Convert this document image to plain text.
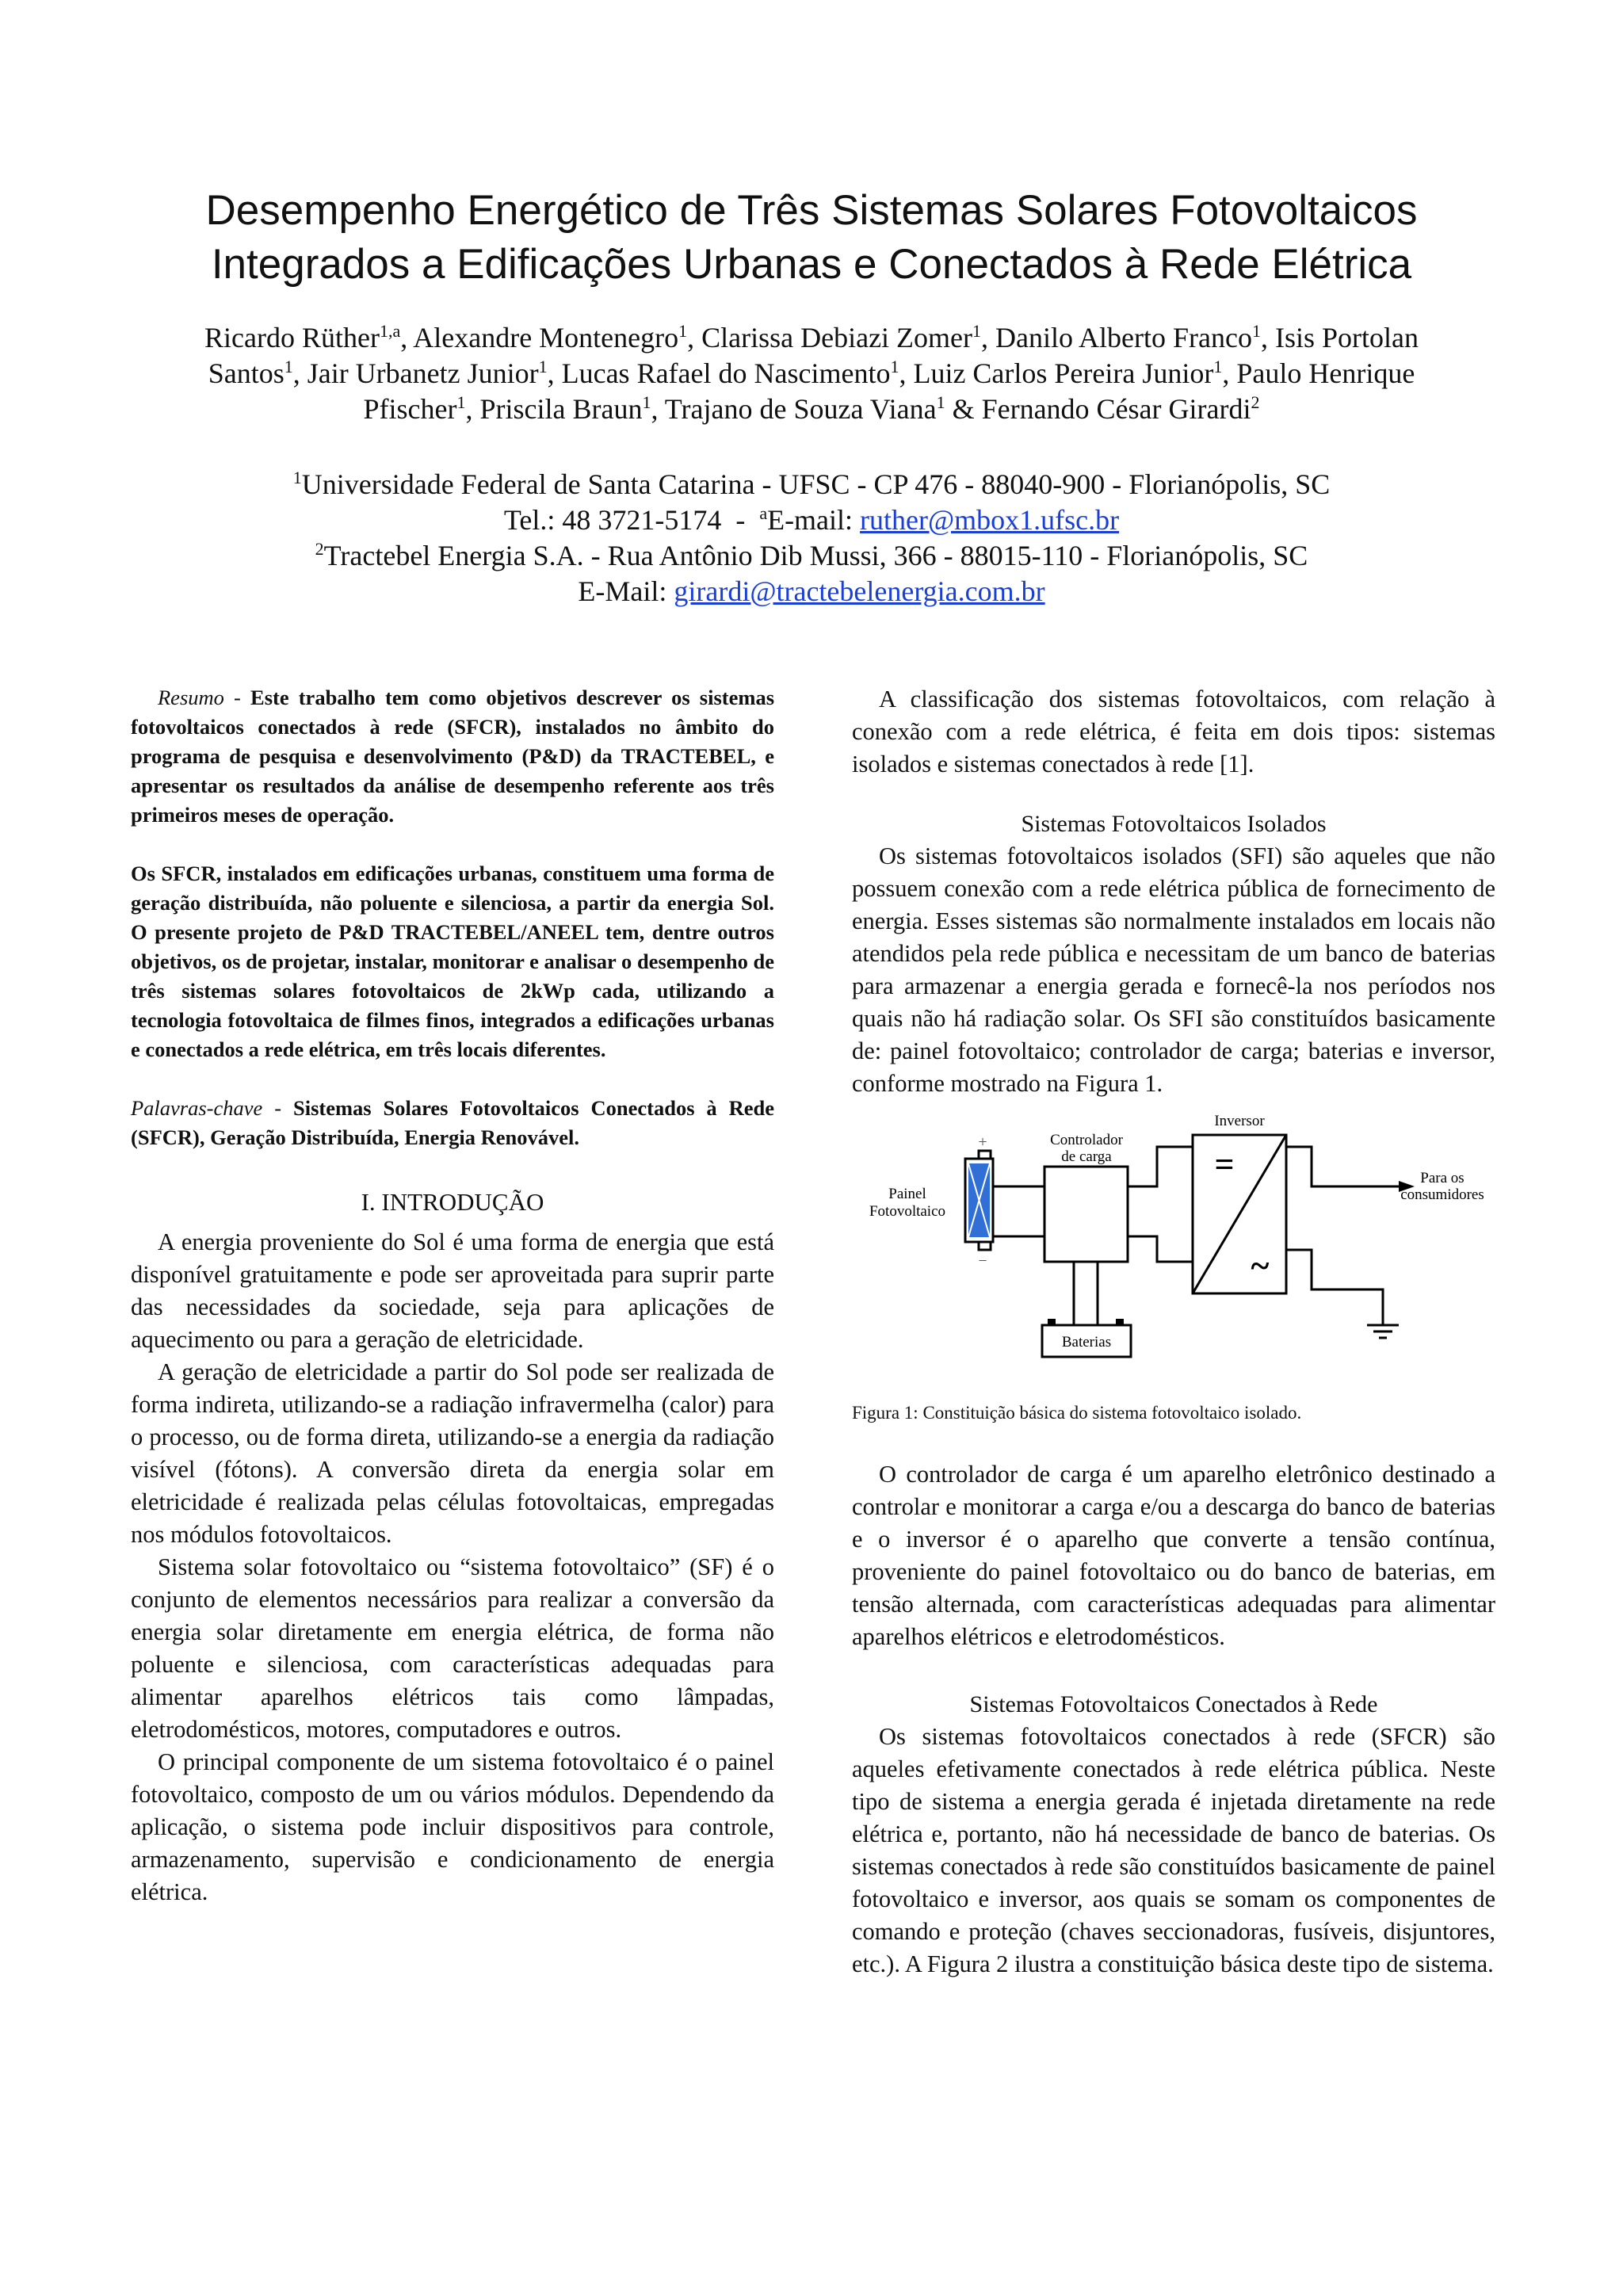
Desempenho Energético de Três Sistemas Solares Fotovoltaicos
Integrados a Edificações Urbanas e Conectados à Rede Elétrica
Ricardo Rüther$^{1,a}$, Alexandre Montenegro$^1$, Clarissa Debiazi Zomer$^1$, Danilo Alberto Franco$^1$, Isis Portolan
Santos$^1$, Jair Urbanetz Junior$^1$, Lucas Rafael do Nascimento$^1$, Luiz Carlos Pereira Junior$^1$, Paulo Henrique
Pfischer$^1$, Priscila Braun$^1$, Trajano de Souza Viana$^1$ & Fernando César Girardi$^2$
$^1$Universidade Federal de Santa Catarina - UFSC - CP 476 - 88040-900 - Florianópolis, SC
Tel.: 48 3721-5174  -  $^a$E-mail: ruther@mbox1.ufsc.br
$^2$Tractebel Energia S.A. - Rua Antônio Dib Mussi, 366 - 88015-110 - Florianópolis, SC
E-Mail: girardi@tractebelenergia.com.br

Resumo - Este trabalho tem como objetivos descrever os sistemas fotovoltaicos conectados à rede (SFCR), instalados no âmbito do programa de pesquisa e desenvolvimento (P&D) da TRACTEBEL, e apresentar os resultados da análise de desempenho referente aos três primeiros meses de operação.

Os SFCR, instalados em edificações urbanas, constituem uma forma de geração distribuída, não poluente e silenciosa, a partir da energia Sol. O presente projeto de P&D TRACTEBEL/ANEEL tem, dentre outros objetivos, os de projetar, instalar, monitorar e analisar o desempenho de três sistemas solares fotovoltaicos de 2kWp cada, utilizando a tecnologia fotovoltaica de filmes finos, integrados a edificações urbanas e conectados a rede elétrica, em três locais diferentes.

Palavras-chave - Sistemas Solares Fotovoltaicos Conectados à Rede (SFCR), Geração Distribuída, Energia Renovável.

I. INTRODUÇÃO

A energia proveniente do Sol é uma forma de energia que está disponível gratuitamente e pode ser aproveitada para suprir parte das necessidades da sociedade, seja para aplicações de aquecimento ou para a geração de eletricidade.

A geração de eletricidade a partir do Sol pode ser realizada de forma indireta, utilizando-se a radiação infravermelha (calor) para o processo, ou de forma direta, utilizando-se a energia da radiação visível (fótons). A conversão direta da energia solar em eletricidade é realizada pelas células fotovoltaicas, empregadas nos módulos fotovoltaicos.

Sistema solar fotovoltaico ou “sistema fotovoltaico” (SF) é o conjunto de elementos necessários para realizar a conversão da energia solar diretamente em energia elétrica, de forma não poluente e silenciosa, com características adequadas para alimentar aparelhos elétricos tais como lâmpadas, eletrodomésticos, motores, computadores e outros.

O principal componente de um sistema fotovoltaico é o painel fotovoltaico, composto de um ou vários módulos. Dependendo da aplicação, o sistema pode incluir dispositivos para controle, armazenamento, supervisão e condicionamento de energia elétrica.

A classificação dos sistemas fotovoltaicos, com relação à conexão com a rede elétrica, é feita em dois tipos: sistemas isolados e sistemas conectados à rede [1].

Sistemas Fotovoltaicos Isolados

Os sistemas fotovoltaicos isolados (SFI) são aqueles que não possuem conexão com a rede elétrica pública de fornecimento de energia. Esses sistemas são normalmente instalados em locais não atendidos pela rede pública e necessitam de um banco de baterias para armazenar a energia gerada e fornecê-la nos períodos nos quais não há radiação solar. Os SFI são constituídos basicamente de: painel fotovoltaico; controlador de carga; baterias e inversor, conforme mostrado na Figura 1.

+
−
Painel
Fotovoltaico
Controlador
de carga	=
~
Inversor
Para os
consumidores
Baterias
Figura 1: Constituição básica do sistema fotovoltaico isolado.

O controlador de carga é um aparelho eletrônico destinado a controlar e monitorar a carga e/ou a descarga do banco de baterias e o inversor é o aparelho que converte a tensão contínua, proveniente do painel fotovoltaico ou do banco de baterias, em tensão alternada, com características adequadas para alimentar aparelhos elétricos e eletrodomésticos.

Sistemas Fotovoltaicos Conectados à Rede

Os sistemas fotovoltaicos conectados à rede (SFCR) são aqueles efetivamente conectados à rede elétrica pública. Neste tipo de sistema a energia gerada é injetada diretamente na rede elétrica e, portanto, não há necessidade de banco de baterias. Os sistemas conectados à rede são constituídos basicamente de painel fotovoltaico e inversor, aos quais se somam os componentes de comando e proteção (chaves seccionadoras, fusíveis, disjuntores, etc.). A Figura 2 ilustra a constituição básica deste tipo de sistema.
